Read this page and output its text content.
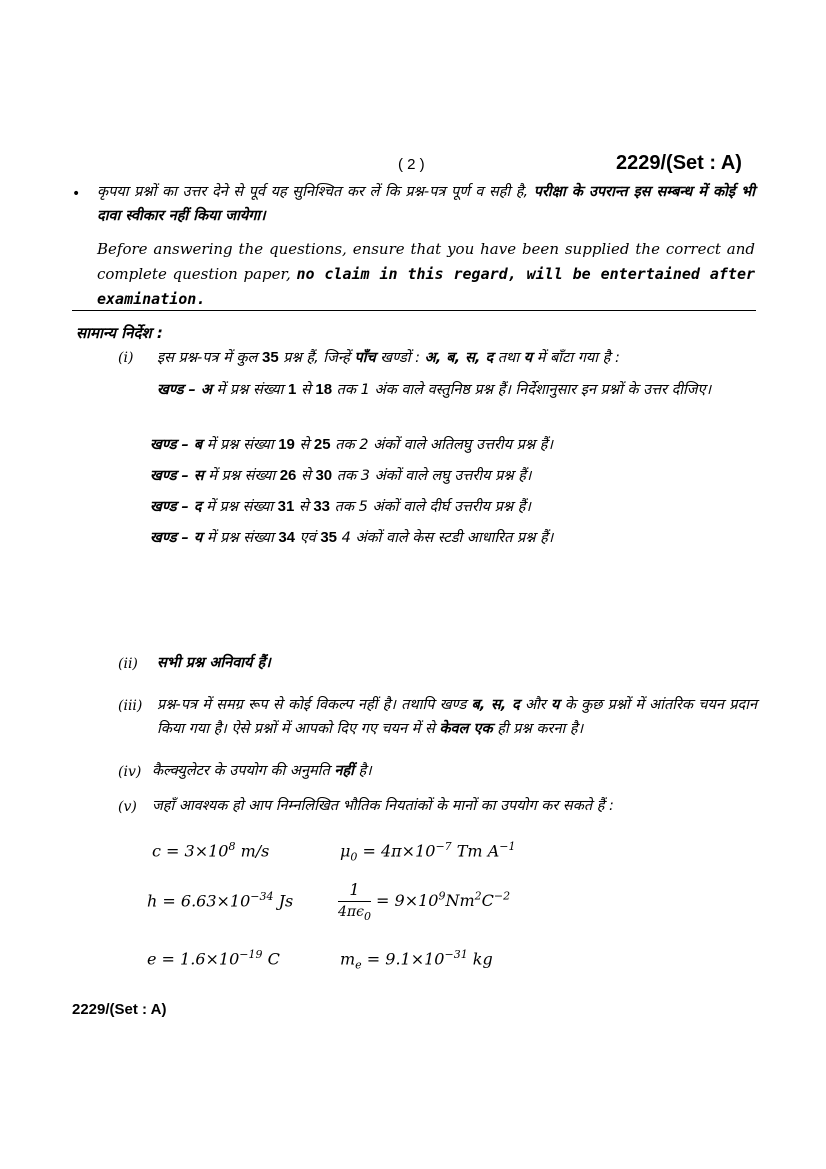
( 2 )	2229/(Set : A)
• कृपया प्रश्नों का उत्तर देने से पूर्व यह सुनिश्चित कर लें कि प्रश्न-पत्र पूर्ण व सही है, परीक्षा के उपरान्त इस सम्बन्ध में कोई भी दावा स्वीकार नहीं किया जायेगा।
Before answering the questions, ensure that you have been supplied the correct and complete question paper, no claim in this regard, will be entertained after examination.
सामान्य निर्देश :
(i) इस प्रश्न-पत्र में कुल 35 प्रश्न हैं, जिन्हें पाँच खण्डों : अ, ब, स, द तथा य में बाँटा गया है :
खण्ड – अ में प्रश्न संख्या 1 से 18 तक 1 अंक वाले वस्तुनिष्ठ प्रश्न हैं। निर्देशानुसार इन प्रश्नों के उत्तर दीजिए।
खण्ड – ब में प्रश्न संख्या 19 से 25 तक 2 अंकों वाले अतिलघु उत्तरीय प्रश्न हैं।
खण्ड – स में प्रश्न संख्या 26 से 30 तक 3 अंकों वाले लघु उत्तरीय प्रश्न हैं।
खण्ड – द में प्रश्न संख्या 31 से 33 तक 5 अंकों वाले दीर्घ उत्तरीय प्रश्न हैं।
खण्ड – य में प्रश्न संख्या 34 एवं 35 4 अंकों वाले केस स्टडी आधारित प्रश्न हैं।
(ii) सभी प्रश्न अनिवार्य हैं।
(iii) प्रश्न-पत्र में समग्र रूप से कोई विकल्प नहीं है। तथापि खण्ड ब, स, द और य के कुछ प्रश्नों में आंतरिक चयन प्रदान किया गया है। ऐसे प्रश्नों में आपको दिए गए चयन में से केवल एक ही प्रश्न करना है।
(iv) कैल्क्युलेटर के उपयोग की अनुमति नहीं है।
(v) जहाँ आवश्यक हो आप निम्नलिखित भौतिक नियतांकों के मानों का उपयोग कर सकते हैं :
$c = 3\times 10^8$ m/s	$\mu_0 = 4\pi\times 10^{-7}$ Tm $A^{-1}$
$h = 6.63\times 10^{-34}$ Js	$\frac{1}{4\pi\epsilon_0} = 9\times 10^9Nm^2C^{-2}$
$e = 1.6\times 10^{-19}$ C	$m_e = 9.1\times 10^{-31}$ kg
2229/(Set : A)
